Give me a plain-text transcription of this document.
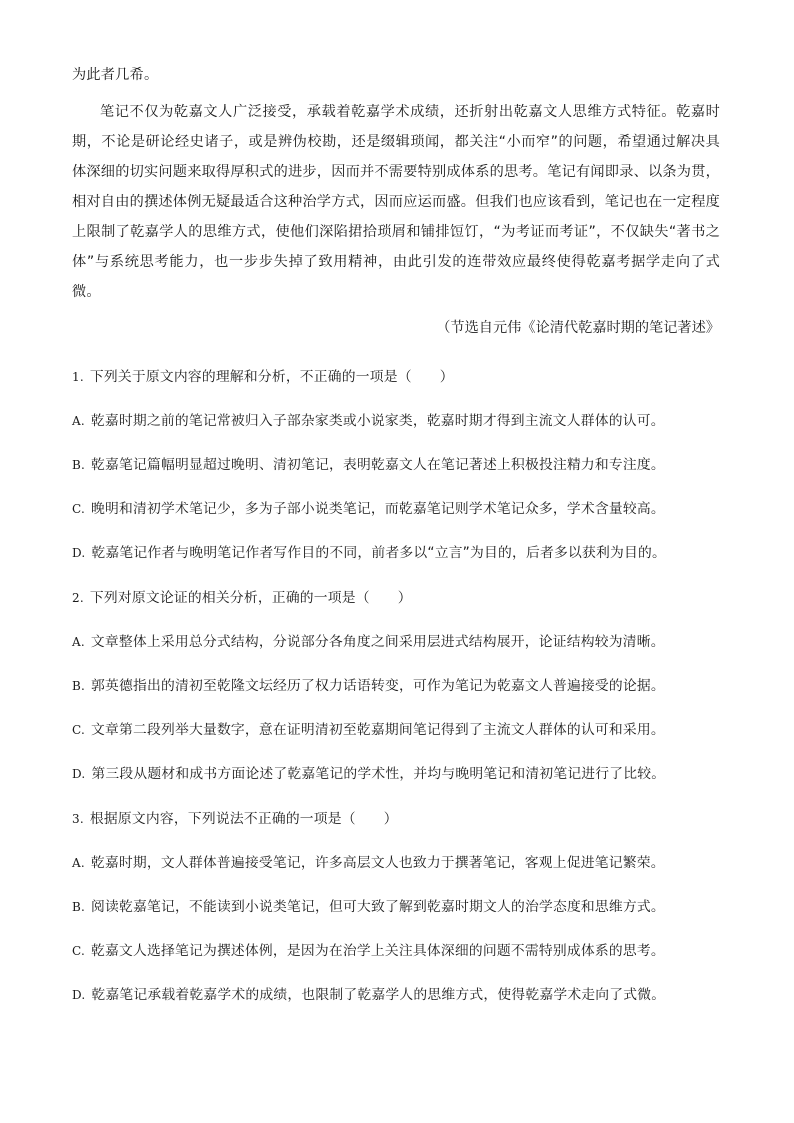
为此者几希。

笔记不仅为乾嘉文人广泛接受，承载着乾嘉学术成绩，还折射出乾嘉文人思维方式特征。乾嘉时期，不论是研论经史诸子，或是辨伪校勘，还是缀辑琐闻，都关注“小而窄”的问题，希望通过解决具体深细的切实问题来取得厚积式的进步，因而并不需要特别成体系的思考。笔记有闻即录、以条为贯，相对自由的撰述体例无疑最适合这种治学方式，因而应运而盛。但我们也应该看到，笔记也在一定程度上限制了乾嘉学人的思维方式，使他们深陷捃拾琐屑和铺排饾饤，“为考证而考证”，不仅缺失“著书之体”与系统思考能力，也一步步失掉了致用精神，由此引发的连带效应最终使得乾嘉考据学走向了式微。

（节选自元伟《论清代乾嘉时期的笔记著述》

1. 下列关于原文内容的理解和分析，不正确的一项是（　　）

A. 乾嘉时期之前的笔记常被归入子部杂家类或小说家类，乾嘉时期才得到主流文人群体的认可。

B. 乾嘉笔记篇幅明显超过晚明、清初笔记，表明乾嘉文人在笔记著述上积极投注精力和专注度。

C. 晚明和清初学术笔记少，多为子部小说类笔记，而乾嘉笔记则学术笔记众多，学术含量较高。

D. 乾嘉笔记作者与晚明笔记作者写作目的不同，前者多以“立言”为目的，后者多以获利为目的。

2. 下列对原文论证的相关分析，正确的一项是（　　）

A. 文章整体上采用总分式结构，分说部分各角度之间采用层进式结构展开，论证结构较为清晰。

B. 郭英德指出的清初至乾隆文坛经历了权力话语转变，可作为笔记为乾嘉文人普遍接受的论据。

C. 文章第二段列举大量数字，意在证明清初至乾嘉期间笔记得到了主流文人群体的认可和采用。

D. 第三段从题材和成书方面论述了乾嘉笔记的学术性，并均与晚明笔记和清初笔记进行了比较。

3. 根据原文内容，下列说法不正确的一项是（　　）

A. 乾嘉时期，文人群体普遍接受笔记，许多高层文人也致力于撰著笔记，客观上促进笔记繁荣。

B. 阅读乾嘉笔记，不能读到小说类笔记，但可大致了解到乾嘉时期文人的治学态度和思维方式。

C. 乾嘉文人选择笔记为撰述体例，是因为在治学上关注具体深细的问题不需特别成体系的思考。

D. 乾嘉笔记承载着乾嘉学术的成绩，也限制了乾嘉学人的思维方式，使得乾嘉学术走向了式微。
